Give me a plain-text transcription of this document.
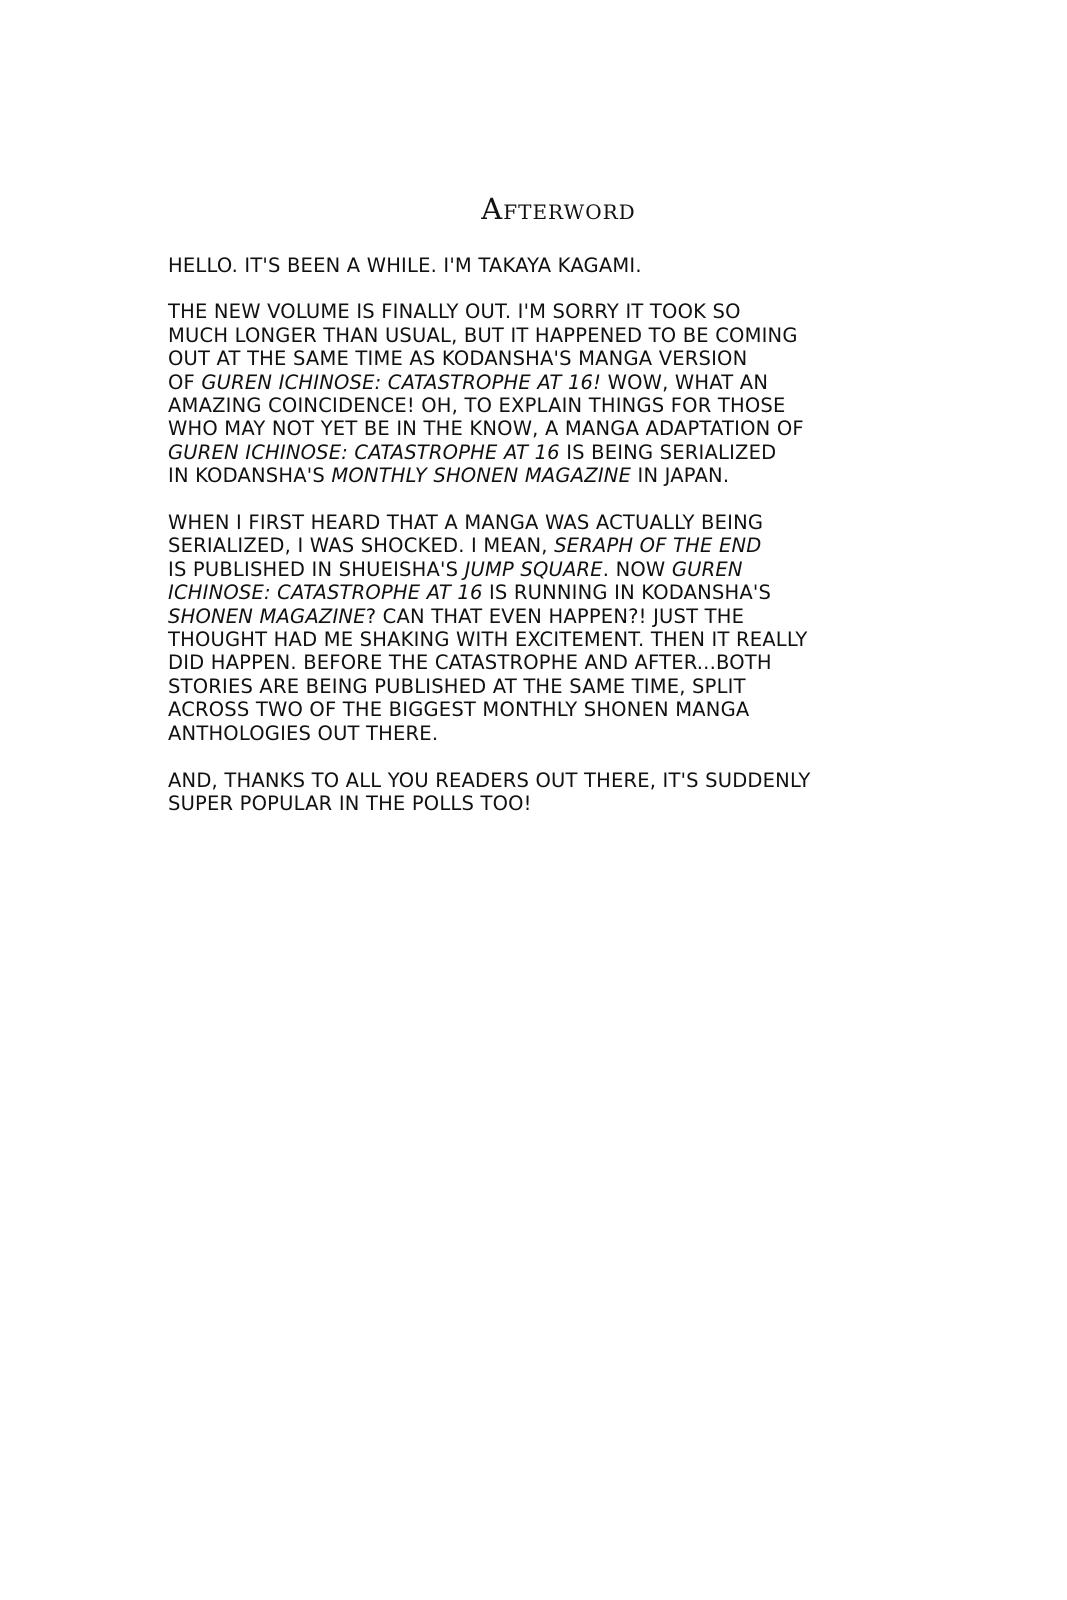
Afterword

HELLO. IT'S BEEN A WHILE. I'M TAKAYA KAGAMI.

THE NEW VOLUME IS FINALLY OUT. I'M SORRY IT TOOK SO
MUCH LONGER THAN USUAL, BUT IT HAPPENED TO BE COMING
OUT AT THE SAME TIME AS KODANSHA'S MANGA VERSION
OF GUREN ICHINOSE: CATASTROPHE AT 16! WOW, WHAT AN
AMAZING COINCIDENCE! OH, TO EXPLAIN THINGS FOR THOSE
WHO MAY NOT YET BE IN THE KNOW, A MANGA ADAPTATION OF
GUREN ICHINOSE: CATASTROPHE AT 16 IS BEING SERIALIZED
IN KODANSHA'S MONTHLY SHONEN MAGAZINE IN JAPAN.

WHEN I FIRST HEARD THAT A MANGA WAS ACTUALLY BEING
SERIALIZED, I WAS SHOCKED. I MEAN, SERAPH OF THE END
IS PUBLISHED IN SHUEISHA'S JUMP SQUARE. NOW GUREN
ICHINOSE: CATASTROPHE AT 16 IS RUNNING IN KODANSHA'S
SHONEN MAGAZINE? CAN THAT EVEN HAPPEN?! JUST THE
THOUGHT HAD ME SHAKING WITH EXCITEMENT. THEN IT REALLY
DID HAPPEN. BEFORE THE CATASTROPHE AND AFTER...BOTH
STORIES ARE BEING PUBLISHED AT THE SAME TIME, SPLIT
ACROSS TWO OF THE BIGGEST MONTHLY SHONEN MANGA
ANTHOLOGIES OUT THERE.

AND, THANKS TO ALL YOU READERS OUT THERE, IT'S SUDDENLY
SUPER POPULAR IN THE POLLS TOO!
